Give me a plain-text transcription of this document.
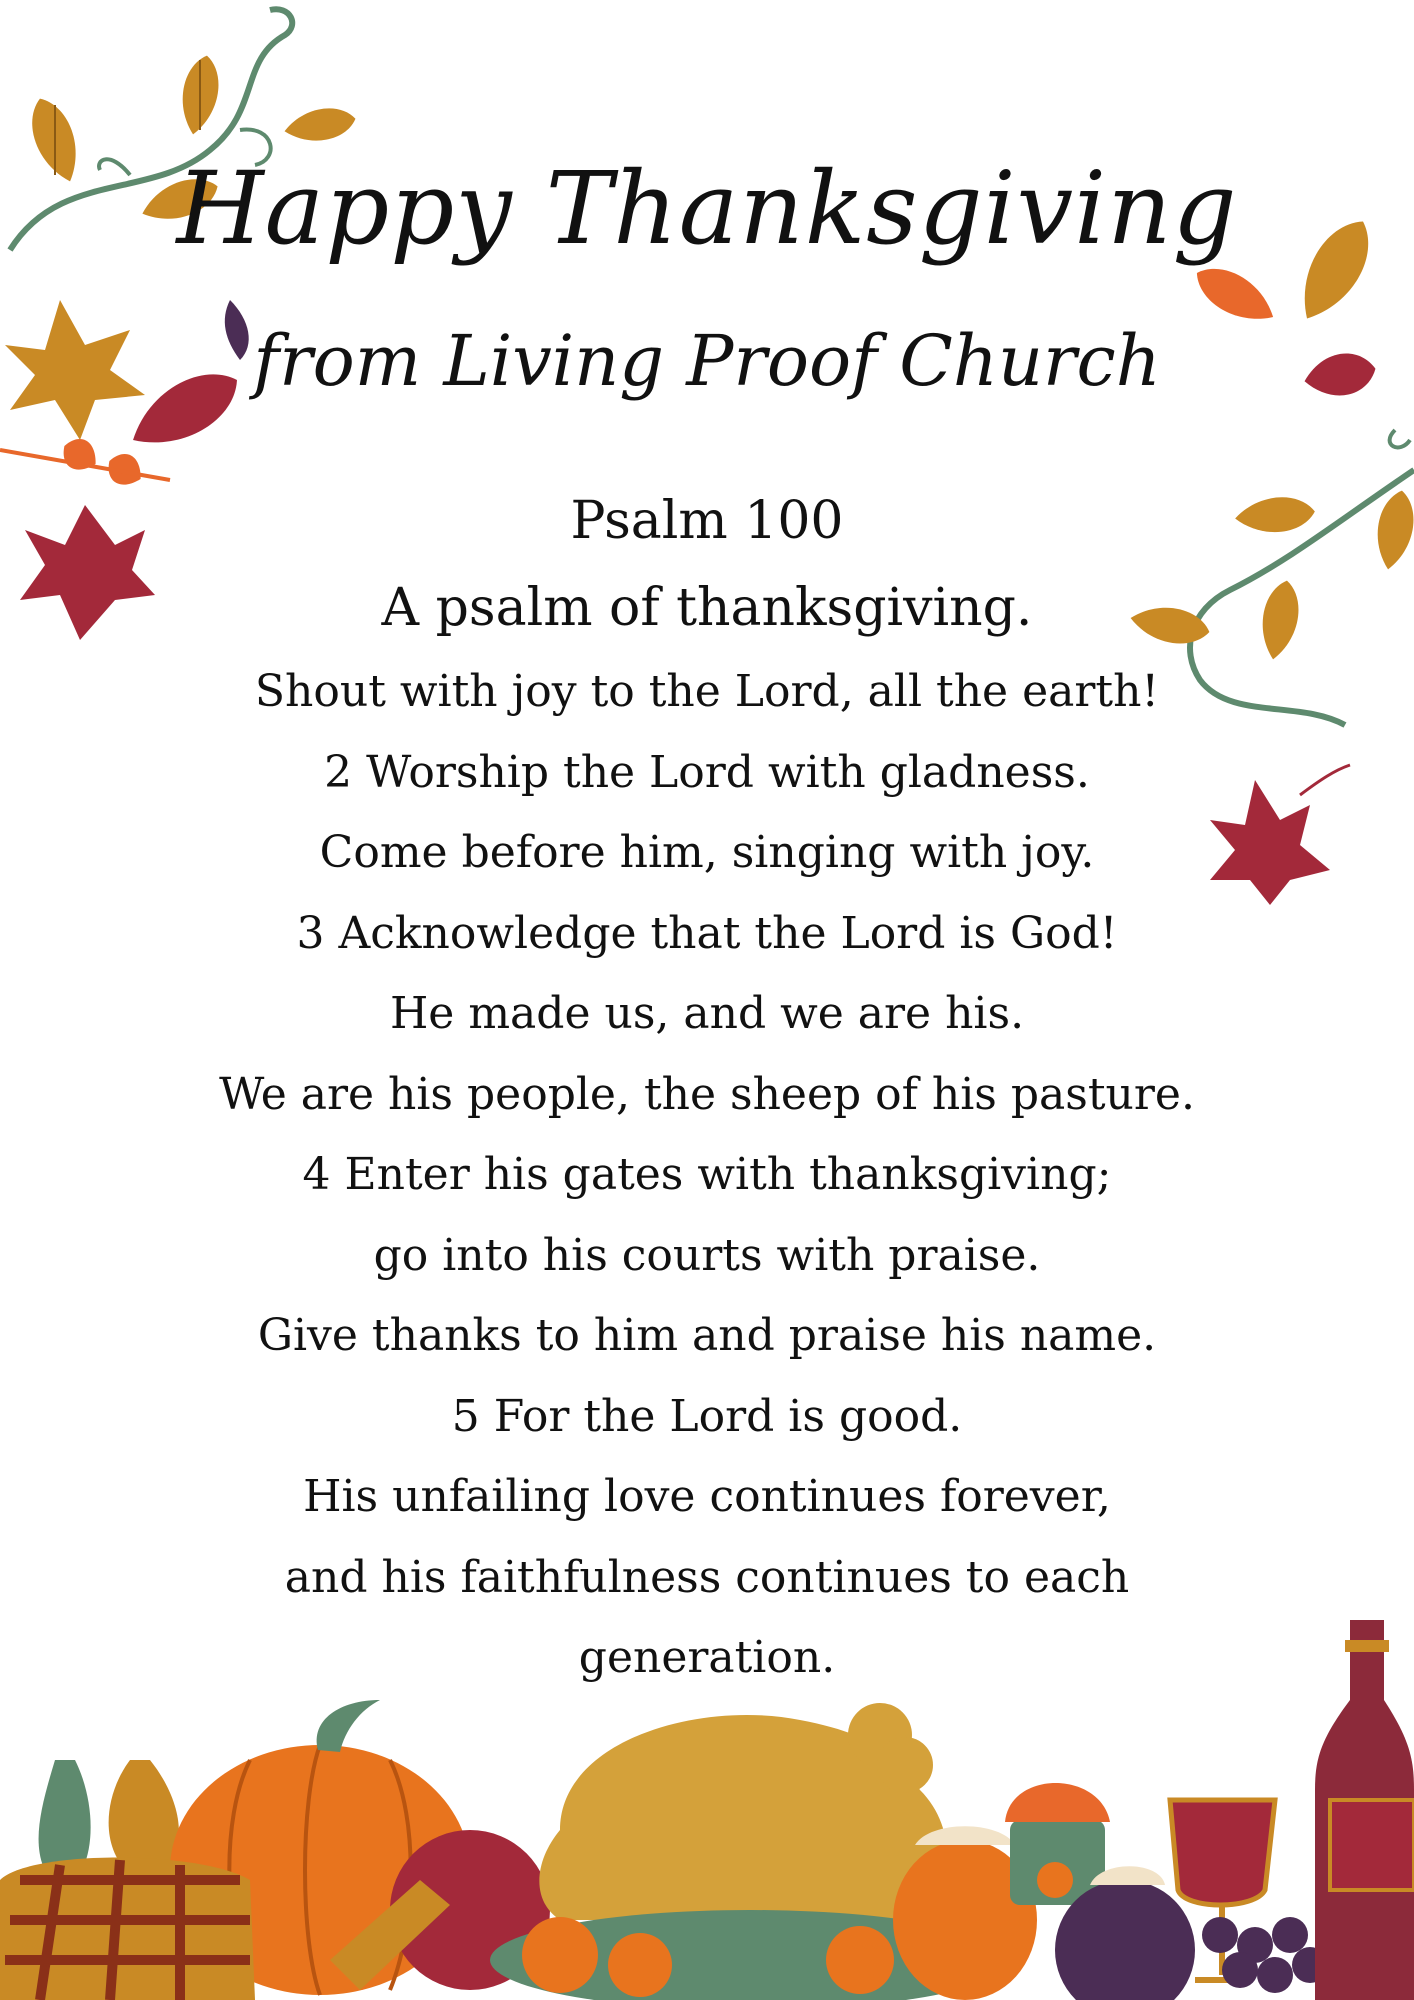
Happy Thanksgiving
from Living Proof Church

Psalm 100

A psalm of thanksgiving.

Shout with joy to the Lord, all the earth!

2 Worship the Lord with gladness.

Come before him, singing with joy.

3 Acknowledge that the Lord is God!

He made us, and we are his.

We are his people, the sheep of his pasture.

4 Enter his gates with thanksgiving;

go into his courts with praise.

Give thanks to him and praise his name.

5 For the Lord is good.

His unfailing love continues forever,

and his faithfulness continues to each

generation.
